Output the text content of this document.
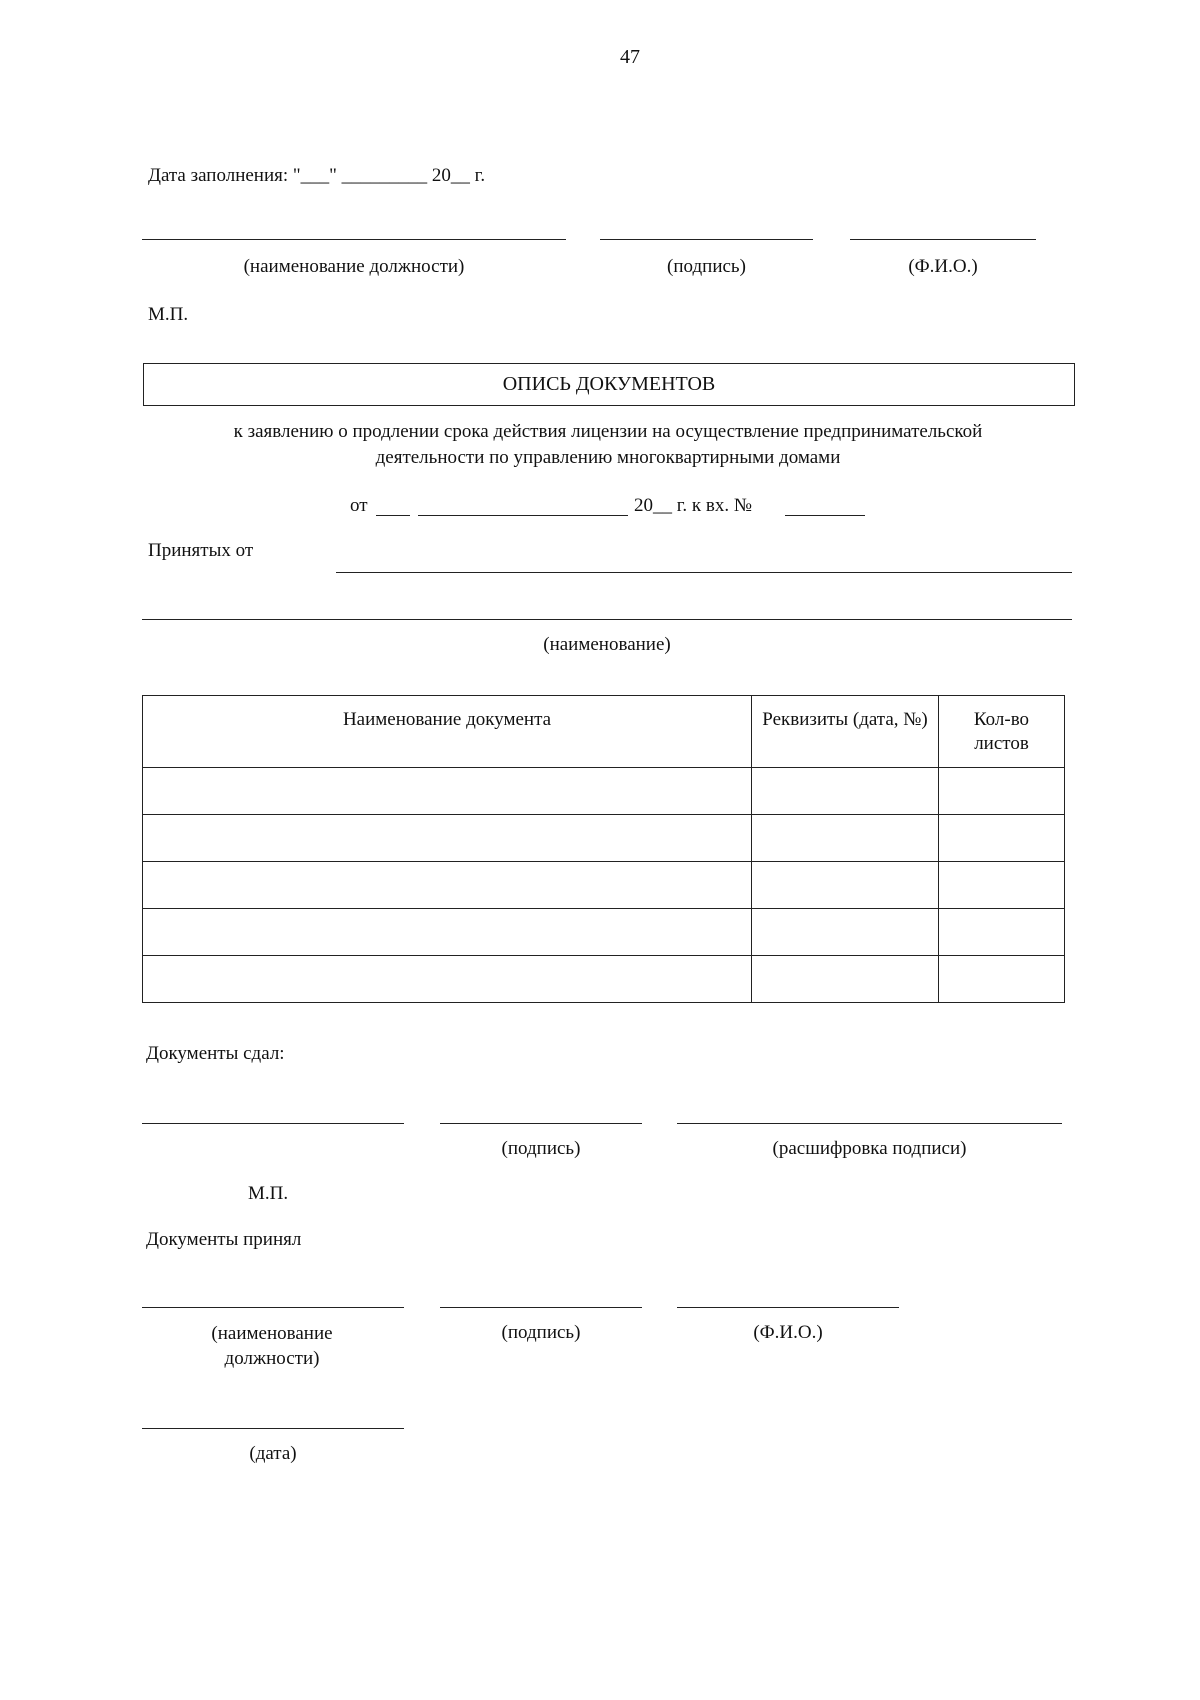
47
Дата заполнения: "___" _________ 20__ г.
(наименование должности)	(подпись)	(Ф.И.О.)
М.П.
ОПИСЬ ДОКУМЕНТОВ
к заявлению о продлении срока действия лицензии на осуществление предпринимательской
деятельности по управлению многоквартирными домами
от	20__ г. к вх. №
Принятых от
(наименование)
Наименование документа	Реквизиты (дата, №)	Кол-во листов

Документы сдал:
(подпись)	(расшифровка подписи)
М.П.
Документы принял
(наименование должности)
(подпись)	(Ф.И.О.)
(дата)
